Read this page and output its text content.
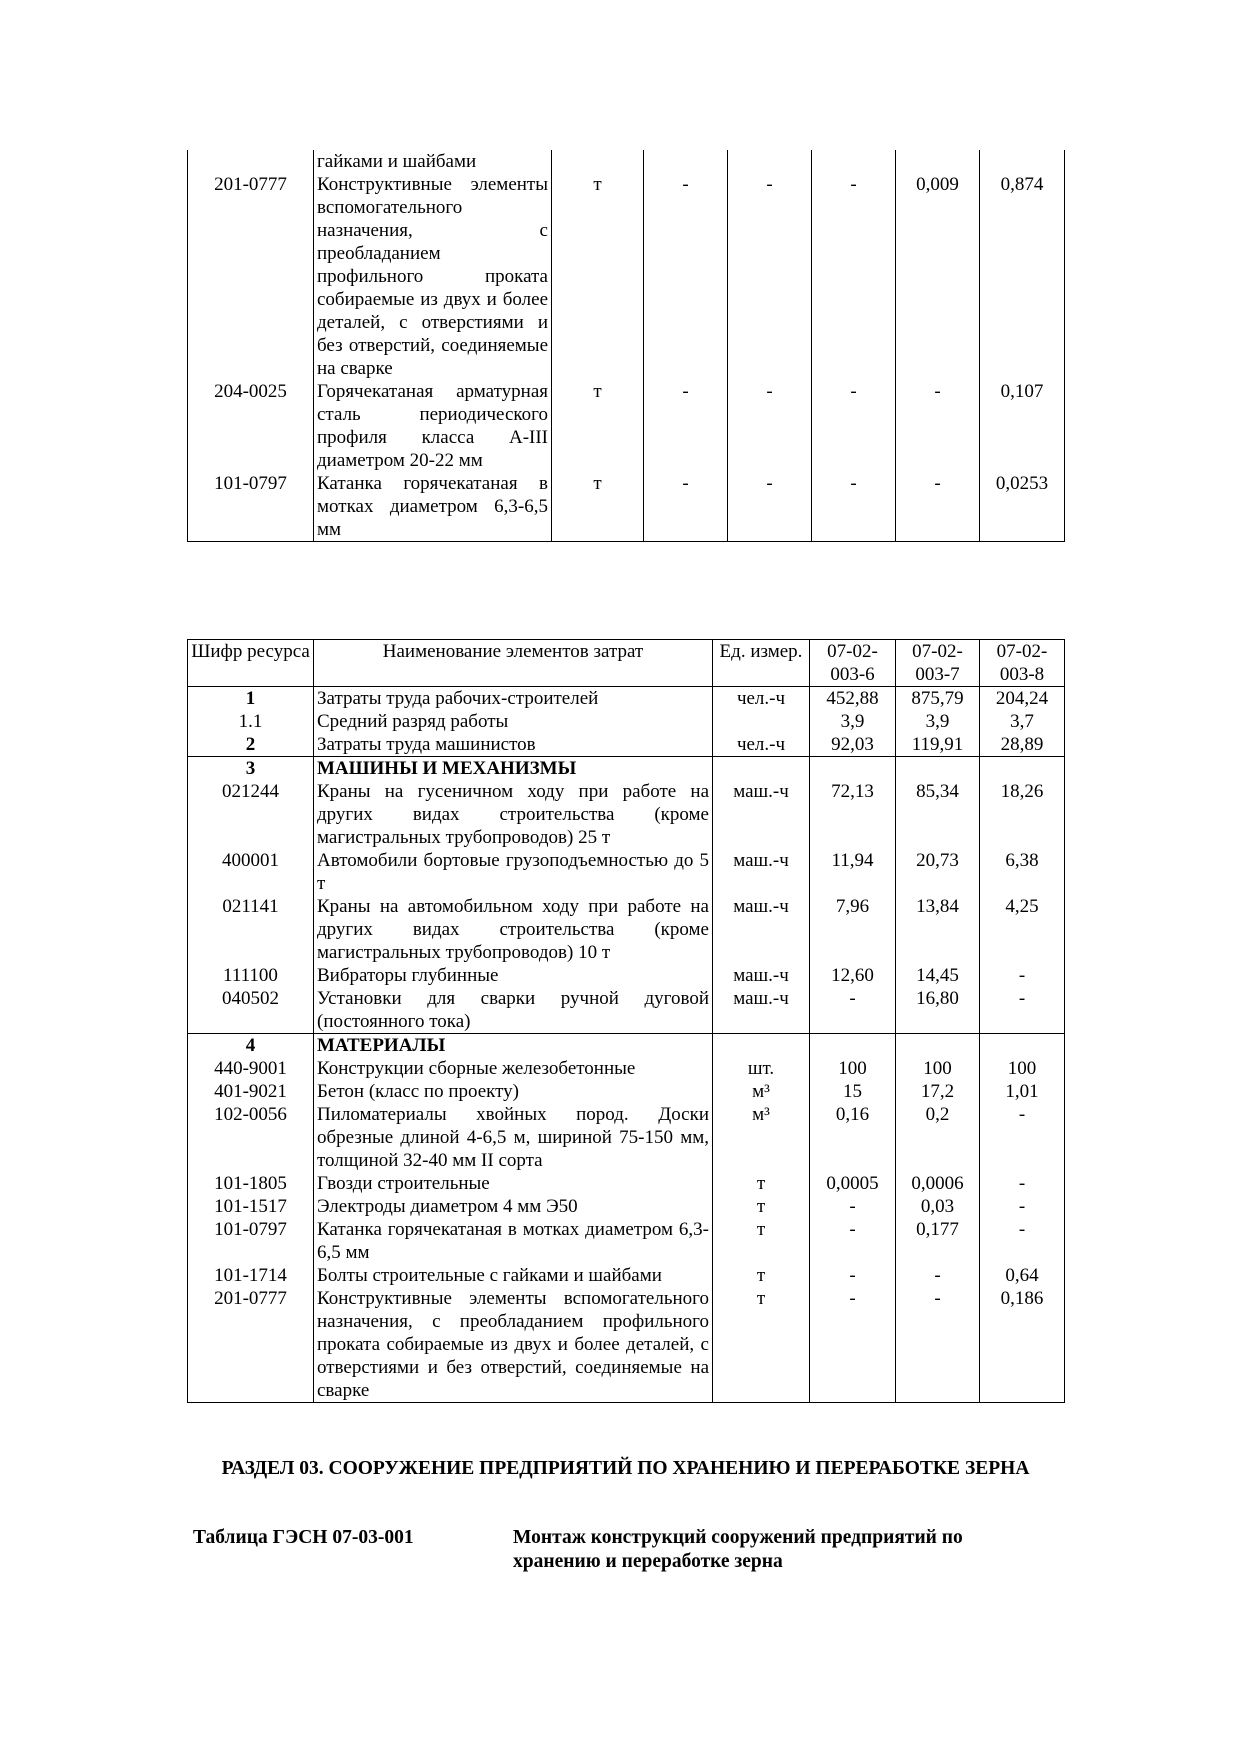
	гайками и шайбами						
201-0777	Конструктивные элементы вспомогательного назначения, с преобладанием профильного проката собираемые из двух и более деталей, с отверстиями и без отверстий, соединяемые на сварке	т	-	-	-	0,009	0,874
204-0025	Горячекатаная арматурная сталь периодического профиля класса А-III диаметром 20-22 мм	т	-	-	-	-	0,107
101-0797	Катанка горячекатаная в мотках диаметром 6,3-6,5 мм	т	-	-	-	-	0,0253
Шифр ресурса	Наименование элементов затрат	Ед. измер.	07-02-003-6	07-02-003-7	07-02-003-8
1	Затраты труда рабочих-строителей	чел.-ч	452,88	875,79	204,24
1.1	Средний разряд работы		3,9	3,9	3,7
2	Затраты труда машинистов	чел.-ч	92,03	119,91	28,89
3	МАШИНЫ И МЕХАНИЗМЫ				
021244	Краны на гусеничном ходу при работе на других видах строительства (кроме магистральных трубопроводов) 25 т	маш.-ч	72,13	85,34	18,26
400001	Автомобили бортовые грузоподъемностью до 5 т	маш.-ч	11,94	20,73	6,38
021141	Краны на автомобильном ходу при работе на других видах строительства (кроме магистральных трубопроводов) 10 т	маш.-ч	7,96	13,84	4,25
111100	Вибраторы глубинные	маш.-ч	12,60	14,45	-
040502	Установки для сварки ручной дуговой (постоянного тока)	маш.-ч	-	16,80	-
4	МАТЕРИАЛЫ				
440-9001	Конструкции сборные железобетонные	шт.	100	100	100
401-9021	Бетон (класс по проекту)	м³	15	17,2	1,01
102-0056	Пиломатериалы хвойных пород. Доски обрезные длиной 4-6,5 м, шириной 75-150 мм, толщиной 32-40 мм II сорта	м³	0,16	0,2	-
101-1805	Гвозди строительные	т	0,0005	0,0006	-
101-1517	Электроды диаметром 4 мм Э50	т	-	0,03	-
101-0797	Катанка горячекатаная в мотках диаметром 6,3-6,5 мм	т	-	0,177	-
101-1714	Болты строительные с гайками и шайбами	т	-	-	0,64
201-0777	Конструктивные элементы вспомогательного назначения, с преобладанием профильного проката собираемые из двух и более деталей, с отверстиями и без отверстий, соединяемые на сварке	т	-	-	0,186
РАЗДЕЛ 03. СООРУЖЕНИЕ ПРЕДПРИЯТИЙ ПО ХРАНЕНИЮ И ПЕРЕРАБОТКЕ ЗЕРНА
Таблица ГЭСН 07-03-001	Монтаж конструкций сооружений предприятий по хранению и переработке зерна
